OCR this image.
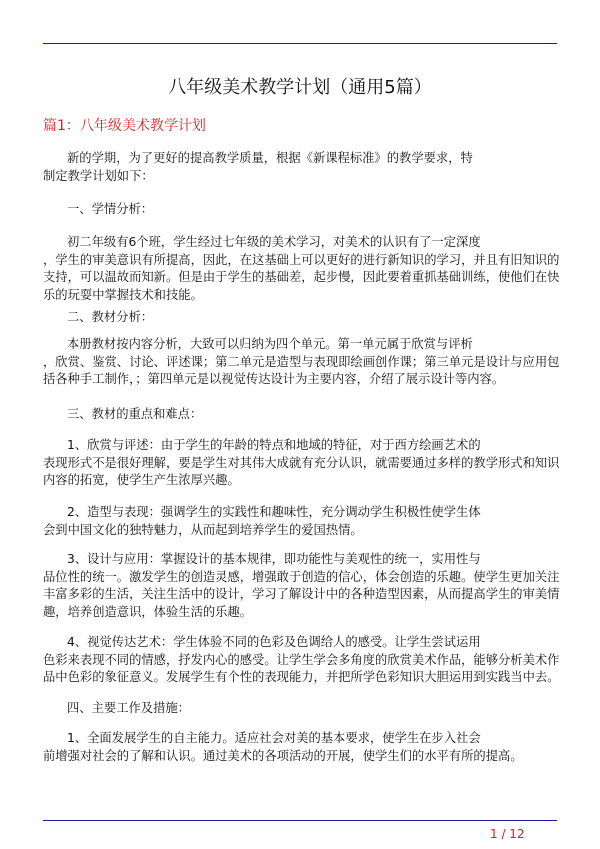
八年级美术教学计划（通用5篇）
篇1：八年级美术教学计划
新的学期，为了更好的提高教学质量，根据《新课程标准》的教学要求，特
制定教学计划如下：
一、学情分析：
初二年级有6个班，学生经过七年级的美术学习，对美术的认识有了一定深度
，学生的审美意识有所提高，因此，在这基础上可以更好的进行新知识的学习，并且有旧知识的
支持，可以温故而知新。但是由于学生的基础差，起步慢，因此要着重抓基础训练，使他们在快
乐的玩耍中掌握技术和技能。
二、教材分析：
本册教材按内容分析，大致可以归纳为四个单元。第一单元属于欣赏与评析
，欣赏、鉴赏、讨论、评述课；第二单元是造型与表现即绘画创作课；第三单元是设计与应用包
括各种手工制作，；第四单元是以视觉传达设计为主要内容，介绍了展示设计等内容。
三、教材的重点和难点：
1、欣赏与评述：由于学生的年龄的特点和地域的特征，对于西方绘画艺术的
表现形式不是很好理解，要是学生对其伟大成就有充分认识，就需要通过多样的教学形式和知识
内容的拓宽，使学生产生浓厚兴趣。
2、造型与表现：强调学生的实践性和趣味性，充分调动学生积极性使学生体
会到中国文化的独特魅力，从而起到培养学生的爱国热情。
3、设计与应用：掌握设计的基本规律，即功能性与美观性的统一，实用性与
品位性的统一。激发学生的创造灵感，增强敢于创造的信心，体会创造的乐趣。使学生更加关注
丰富多彩的生活，关注生活中的设计，学习了解设计中的各种造型因素，从而提高学生的审美情
趣，培养创造意识，体验生活的乐趣。
4、视觉传达艺术：学生体验不同的色彩及色调给人的感受。让学生尝试运用
色彩来表现不同的情感，抒发内心的感受。让学生学会多角度的欣赏美术作品，能够分析美术作
品中色彩的象征意义。发展学生有个性的表现能力，并把所学色彩知识大胆运用到实践当中去。
四、主要工作及措施：
1、全面发展学生的自主能力。适应社会对美的基本要求，使学生在步入社会
前增强对社会的了解和认识。通过美术的各项活动的开展，使学生们的水平有所的提高。
1 / 12
